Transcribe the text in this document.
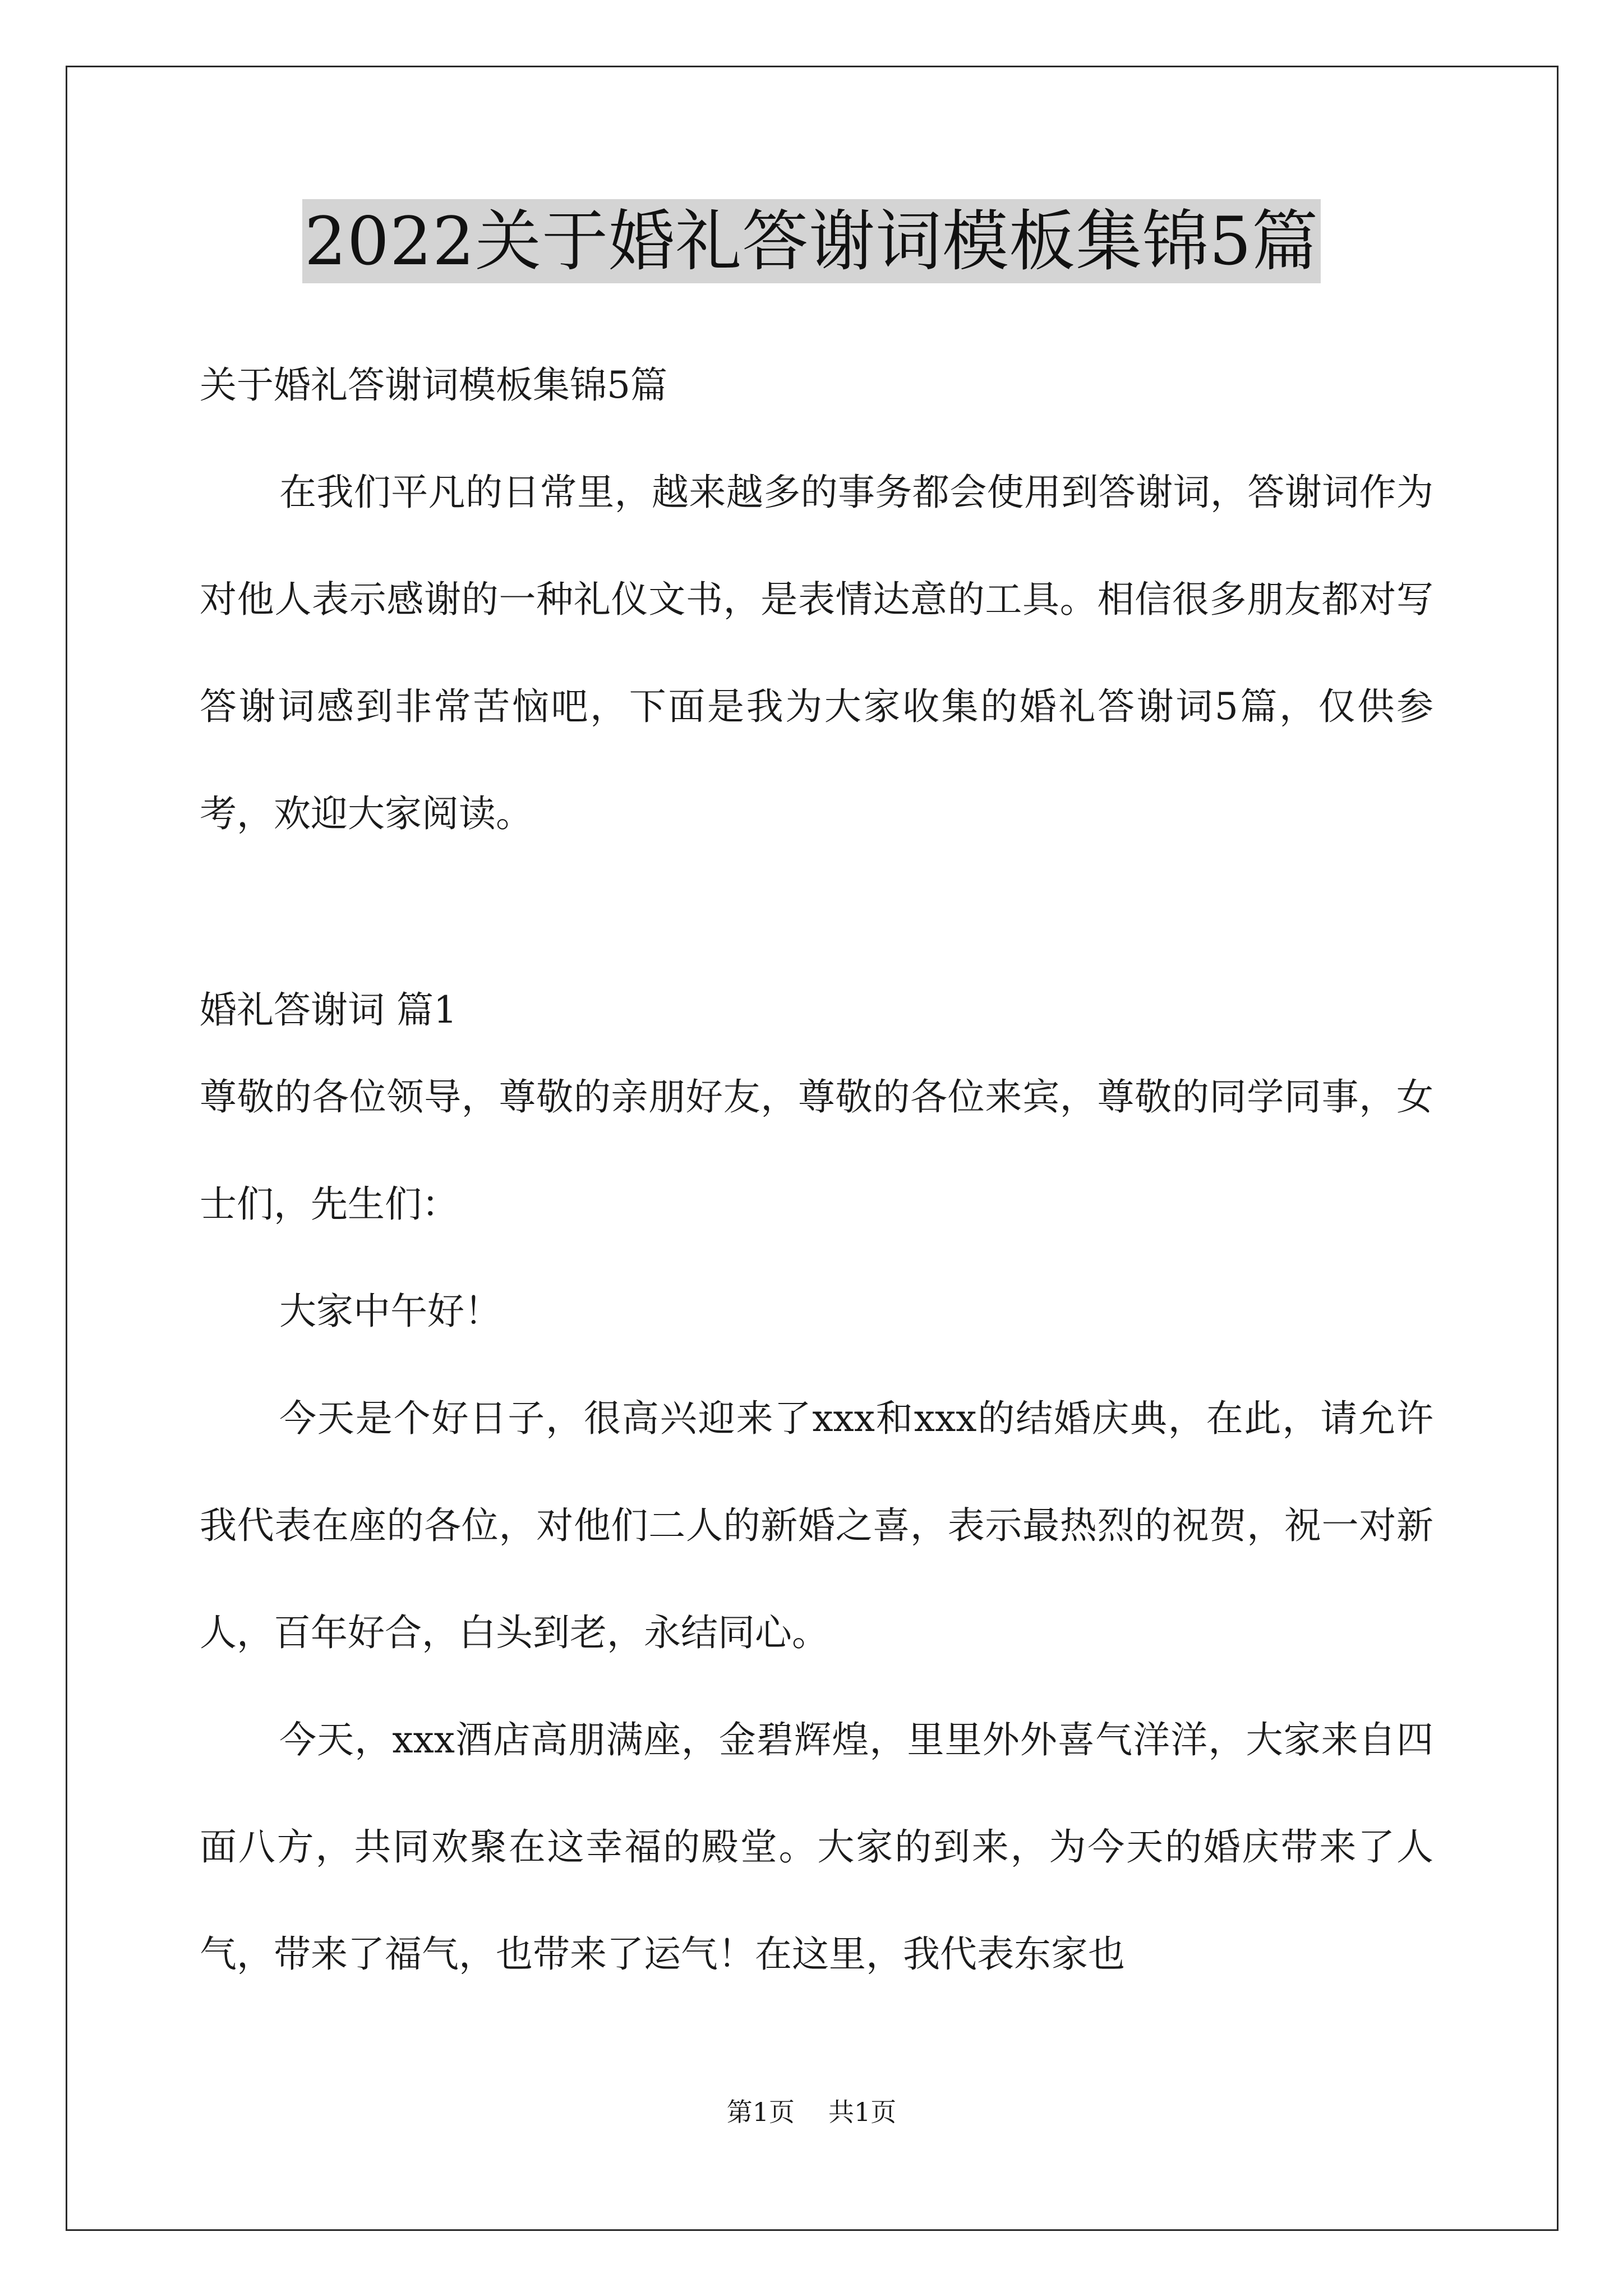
2022关于婚礼答谢词模板集锦5篇

关于婚礼答谢词模板集锦5篇

在我们平凡的日常里，越来越多的事务都会使用到答谢词，答谢词作为对他人表示感谢的一种礼仪文书，是表情达意的工具。相信很多朋友都对写答谢词感到非常苦恼吧，下面是我为大家收集的婚礼答谢词5篇，仅供参考，欢迎大家阅读。

婚礼答谢词 篇1

尊敬的各位领导，尊敬的亲朋好友，尊敬的各位来宾，尊敬的同学同事，女士们，先生们：

大家中午好！

今天是个好日子，很高兴迎来了xxx和xxx的结婚庆典，在此，请允许我代表在座的各位，对他们二人的新婚之喜，表示最热烈的祝贺，祝一对新人，百年好合，白头到老，永结同心。

今天，xxx酒店高朋满座，金碧辉煌，里里外外喜气洋洋，大家来自四面八方，共同欢聚在这幸福的殿堂。大家的到来，为今天的婚庆带来了人气，带来了福气，也带来了运气！在这里，我代表东家也

第1页 共1页
